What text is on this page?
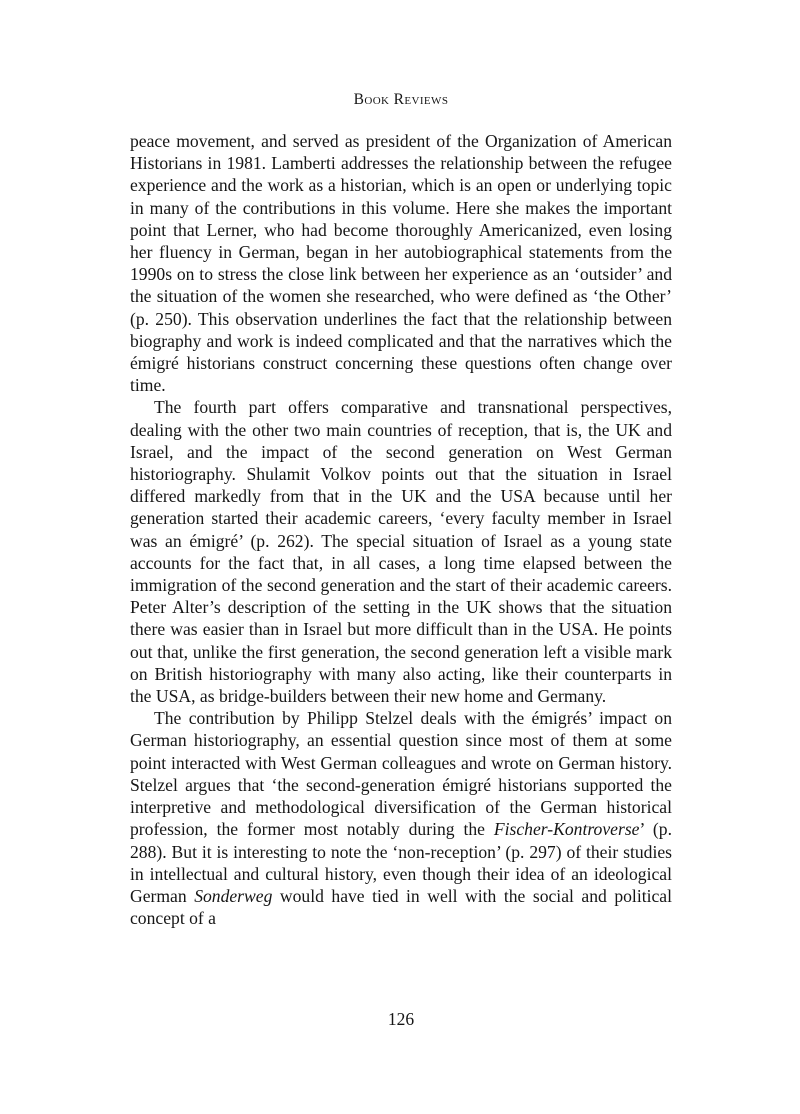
Book Reviews

peace movement, and served as president of the Organization of American Historians in 1981. Lamberti addresses the relationship between the refugee experience and the work as a historian, which is an open or underlying topic in many of the contributions in this volume. Here she makes the important point that Lerner, who had become thoroughly Americanized, even losing her fluency in German, began in her autobiographical statements from the 1990s on to stress the close link between her experience as an ‘outsider’ and the situation of the women she researched, who were defined as ‘the Other’ (p. 250). This observation underlines the fact that the relationship between biography and work is indeed complicated and that the narratives which the émigré historians construct concerning these questions often change over time.

The fourth part offers comparative and transnational perspectives, dealing with the other two main countries of reception, that is, the UK and Israel, and the impact of the second generation on West German historiography. Shulamit Volkov points out that the situation in Israel differed markedly from that in the UK and the USA because until her generation started their academic careers, ‘every faculty member in Israel was an émigré’ (p. 262). The special situation of Israel as a young state accounts for the fact that, in all cases, a long time elapsed between the immigration of the second generation and the start of their academic careers. Peter Alter’s description of the setting in the UK shows that the situation there was easier than in Israel but more difficult than in the USA. He points out that, unlike the first generation, the second generation left a visible mark on British historiography with many also acting, like their counterparts in the USA, as bridge-builders between their new home and Germany.

The contribution by Philipp Stelzel deals with the émigrés’ impact on German historiography, an essential question since most of them at some point interacted with West German colleagues and wrote on German history. Stelzel argues that ‘the second-generation émigré historians supported the interpretive and methodological diversification of the German historical profession, the former most notably during the Fischer-Kontroverse’ (p. 288). But it is interesting to note the ‘non-reception’ (p. 297) of their studies in intellectual and cultural history, even though their idea of an ideological German Sonderweg would have tied in well with the social and political concept of a

126
